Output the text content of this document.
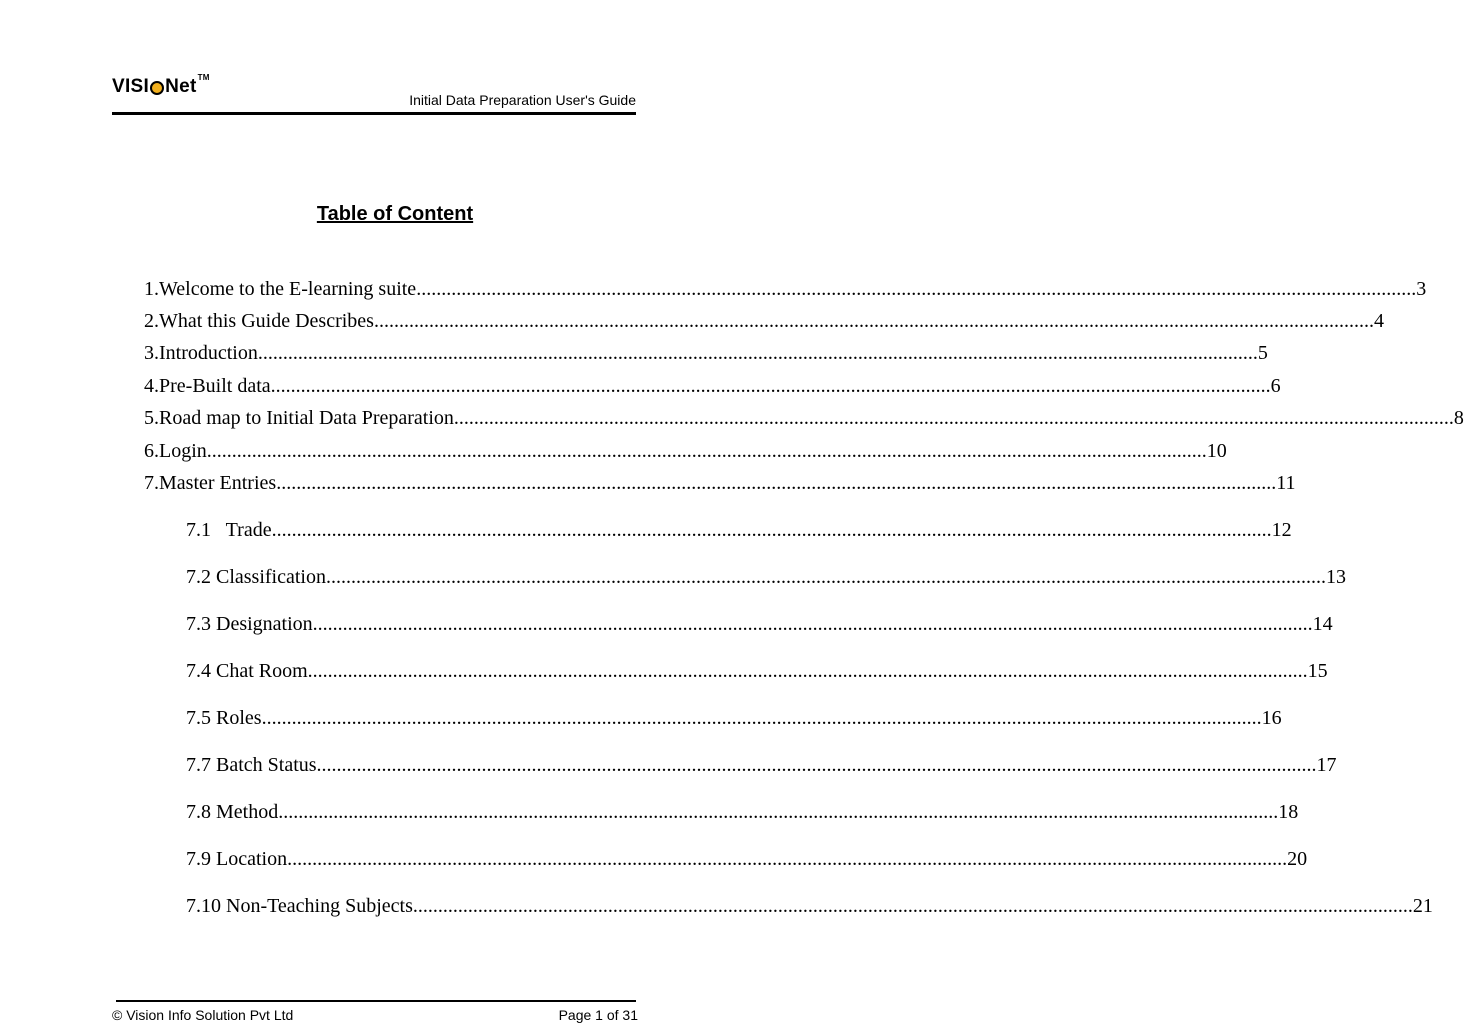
VISI Net TM
Initial Data Preparation User's Guide
Table of Content
1. Welcome to the E-learning suite ........................................................................................................................................................................................................ 3
2. What this Guide Describes ........................................................................................................................................................................................................ 4
3. Introduction ........................................................................................................................................................................................................ 5
4. Pre-Built data ........................................................................................................................................................................................................ 6
5. Road map to Initial Data Preparation ........................................................................................................................................................................................................ 8
6. Login ........................................................................................................................................................................................................ 10
7. Master Entries ........................................................................................................................................................................................................ 11
7.1   Trade ........................................................................................................................................................................................................ 12
7.2 Classification ........................................................................................................................................................................................................ 13
7.3 Designation ........................................................................................................................................................................................................ 14
7.4 Chat Room ........................................................................................................................................................................................................ 15
7.5 Roles ........................................................................................................................................................................................................ 16
7.7 Batch Status ........................................................................................................................................................................................................ 17
7.8 Method ........................................................................................................................................................................................................ 18
7.9 Location ........................................................................................................................................................................................................ 20
7.10 Non-Teaching Subjects ........................................................................................................................................................................................................ 21
© Vision Info Solution Pvt Ltd	Page 1 of 31
